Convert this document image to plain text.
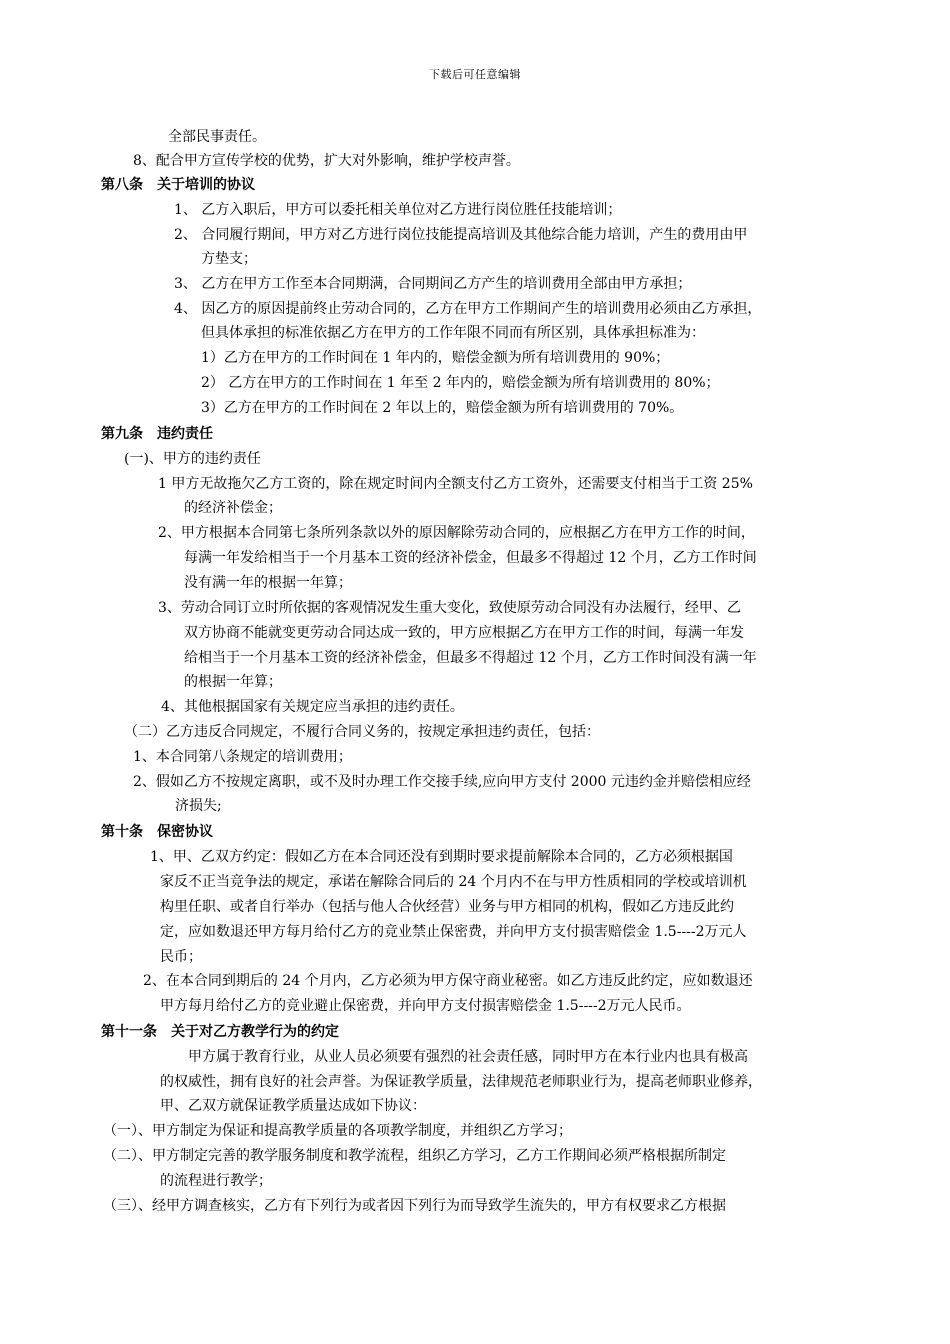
下载后可任意编辑
全部民事责任。
8、配合甲方宣传学校的优势，扩大对外影响，维护学校声誉。
第八条　关于培训的协议
1、 乙方入职后，甲方可以委托相关单位对乙方进行岗位胜任技能培训；
2、 合同履行期间，甲方对乙方进行岗位技能提高培训及其他综合能力培训，产生的费用由甲
方垫支；
3、 乙方在甲方工作至本合同期满，合同期间乙方产生的培训费用全部由甲方承担；
4、 因乙方的原因提前终止劳动合同的，乙方在甲方工作期间产生的培训费用必须由乙方承担，
但具体承担的标准依据乙方在甲方的工作年限不同而有所区别，具体承担标准为：
1）乙方在甲方的工作时间在 1 年内的，赔偿金额为所有培训费用的 90%；
2） 乙方在甲方的工作时间在 1 年至 2 年内的，赔偿金额为所有培训费用的 80%；
3）乙方在甲方的工作时间在 2 年以上的，赔偿金额为所有培训费用的 70%。
第九条　违约责任
(一)、甲方的违约责任
1 甲方无故拖欠乙方工资的，除在规定时间内全额支付乙方工资外，还需要支付相当于工资 25%
的经济补偿金；
2、甲方根据本合同第七条所列条款以外的原因解除劳动合同的，应根据乙方在甲方工作的时间，
每满一年发给相当于一个月基本工资的经济补偿金，但最多不得超过 12 个月，乙方工作时间
没有满一年的根据一年算；
3、劳动合同订立时所依据的客观情况发生重大变化，致使原劳动合同没有办法履行，经甲、乙
双方协商不能就变更劳动合同达成一致的，甲方应根据乙方在甲方工作的时间，每满一年发
给相当于一个月基本工资的经济补偿金，但最多不得超过 12 个月，乙方工作时间没有满一年
的根据一年算；
4、其他根据国家有关规定应当承担的违约责任。
（二）乙方违反合同规定，不履行合同义务的，按规定承担违约责任，包括：
1、本合同第八条规定的培训费用；
2、假如乙方不按规定离职，或不及时办理工作交接手续,应向甲方支付 2000 元违约金并赔偿相应经
济损失;
第十条　保密协议
1、甲、乙双方约定：假如乙方在本合同还没有到期时要求提前解除本合同的，乙方必须根据国
家反不正当竞争法的规定，承诺在解除合同后的 24 个月内不在与甲方性质相同的学校或培训机
构里任职、或者自行举办（包括与他人合伙经营）业务与甲方相同的机构，假如乙方违反此约
定，应如数退还甲方每月给付乙方的竞业禁止保密费，并向甲方支付损害赔偿金 1.5----2万元人
民币；
2、在本合同到期后的 24 个月内，乙方必须为甲方保守商业秘密。如乙方违反此约定，应如数退还
甲方每月给付乙方的竞业避止保密费，并向甲方支付损害赔偿金 1.5----2万元人民币。
第十一条　关于对乙方教学行为的约定
甲方属于教育行业，从业人员必须要有强烈的社会责任感，同时甲方在本行业内也具有极高
的权威性，拥有良好的社会声誉。为保证教学质量，法律规范老师职业行为，提高老师职业修养，
甲、乙双方就保证教学质量达成如下协议：
（一）、甲方制定为保证和提高教学质量的各项教学制度，并组织乙方学习；
（二）、甲方制定完善的教学服务制度和教学流程，组织乙方学习，乙方工作期间必须严格根据所制定
的流程进行教学；
（三）、经甲方调查核实，乙方有下列行为或者因下列行为而导致学生流失的，甲方有权要求乙方根据
